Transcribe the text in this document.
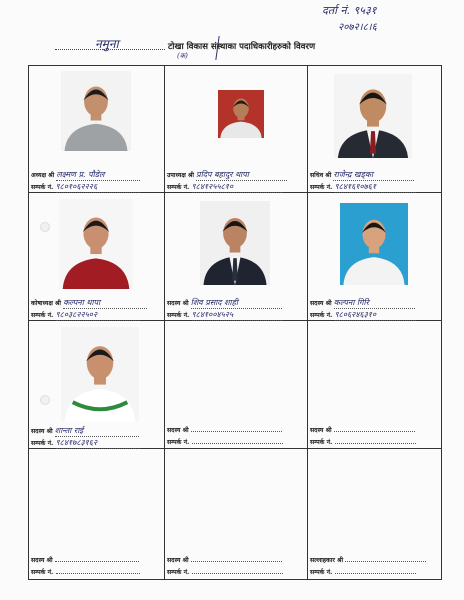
दर्ता नं. ९५३१
२०७२।८।६
नमुना
(क)
टोखा विकास संस्थाका पदाधिकारीहरुको विवरण
अध्यक्ष श्री लक्ष्मण प्र. पौडेल
सम्पर्क नं. ९८०१०६२२२६
उपाध्यक्ष श्री प्रदिप बहादुर थापा
सम्पर्क नं. ९८४१२५५८१०
सचिव श्री राजेन्द्र खड्का
सम्पर्क नं. ९८४१६१०७६१
कोषाध्यक्ष श्री कल्पना थापा
सम्पर्क नं. ९८०३८२२५०२
सदस्य श्री शिव प्रसाद शाही
सम्पर्क नं. ९८४१००४५२५
सदस्य श्री कल्पना गिरि
सम्पर्क नं. ९८०६२४६३१०
सदस्य श्री शान्ता राई
सम्पर्क नं. ९८४१७८३१६२
सदस्य श्री
सम्पर्क नं.
सदस्य श्री
सम्पर्क नं.
सदस्य श्री
सम्पर्क नं.
सदस्य श्री
सम्पर्क नं.
सल्लाहकार श्री
सम्पर्क नं.
